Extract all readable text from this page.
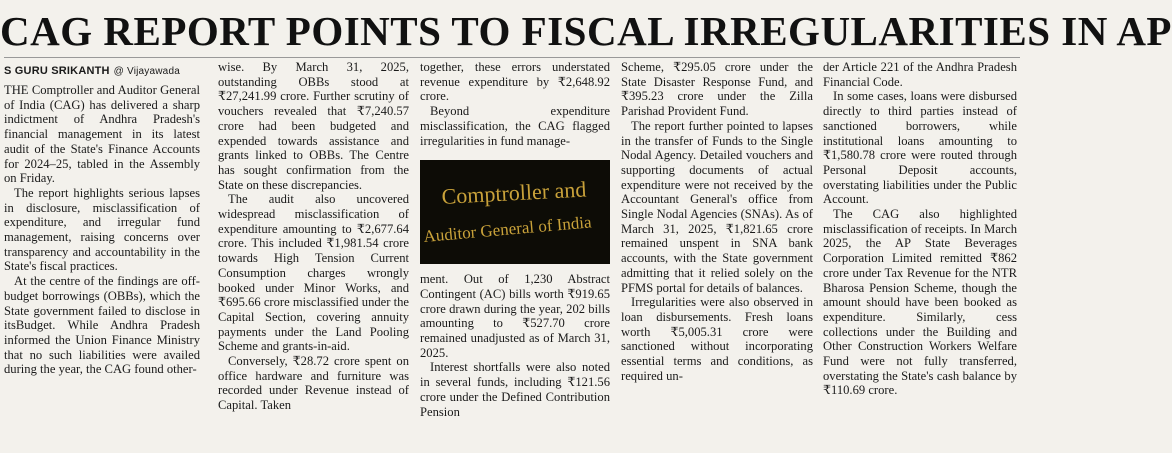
CAG REPORT POINTS TO FISCAL IRREGULARITIES IN AP
S GURU SRIKANTH @ Vijayawada

THE Comptroller and Auditor General of India (CAG) has delivered a sharp indictment of Andhra Pradesh's financial management in its latest audit of the State's Finance Accounts for 2024–25, tabled in the Assembly on Friday.

The report highlights serious lapses in disclosure, misclassification of expenditure, and irregular fund management, raising concerns over transparency and accountability in the State's fiscal practices.

At the centre of the findings are off-budget borrowings (OBBs), which the State government failed to disclose in itsBudget. While Andhra Pradesh informed the Union Finance Ministry that no such liabilities were availed during the year, the CAG found other-

wise. By March 31, 2025, outstanding OBBs stood at ₹27,241.99 crore. Further scrutiny of vouchers revealed that ₹7,240.57 crore had been budgeted and expended towards assistance and grants linked to OBBs. The Centre has sought confirmation from the State on these discrepancies.

The audit also uncovered widespread misclassification of expenditure amounting to ₹2,677.64 crore. This included ₹1,981.54 crore towards High Tension Current Consumption charges wrongly booked under Minor Works, and ₹695.66 crore misclassified under the Capital Section, covering annuity payments under the Land Pooling Scheme and grants-in-aid.

Conversely, ₹28.72 crore spent on office hardware and furniture was recorded under Revenue instead of Capital. Taken

together, these errors understated revenue expenditure by ₹2,648.92 crore.

Beyond expenditure misclassification, the CAG flagged irregularities in fund manage-

Comptroller and
Auditor General of India

ment. Out of 1,230 Abstract Contingent (AC) bills worth ₹919.65 crore drawn during the year, 202 bills amounting to ₹527.70 crore remained unadjusted as of March 31, 2025.

Interest shortfalls were also noted in several funds, including ₹121.56 crore under the Defined Contribution Pension

Scheme, ₹295.05 crore under the State Disaster Response Fund, and ₹395.23 crore under the Zilla Parishad Provident Fund.

The report further pointed to lapses in the transfer of Funds to the Single Nodal Agency. Detailed vouchers and supporting documents of actual expenditure were not received by the Accountant General's office from Single Nodal Agencies (SNAs). As of March 31, 2025, ₹1,821.65 crore remained unspent in SNA bank accounts, with the State government admitting that it relied solely on the PFMS portal for details of balances.

Irregularities were also observed in loan disbursements. Fresh loans worth ₹5,005.31 crore were sanctioned without incorporating essential terms and conditions, as required un-

der Article 221 of the Andhra Pradesh Financial Code.

In some cases, loans were disbursed directly to third parties instead of sanctioned borrowers, while institutional loans amounting to ₹1,580.78 crore were routed through Personal Deposit accounts, overstating liabilities under the Public Account.

The CAG also highlighted misclassification of receipts. In March 2025, the AP State Beverages Corporation Limited remitted ₹862 crore under Tax Revenue for the NTR Bharosa Pension Scheme, though the amount should have been booked as expenditure. Similarly, cess collections under the Building and Other Construction Workers Welfare Fund were not fully transferred, overstating the State's cash balance by ₹110.69 crore.
